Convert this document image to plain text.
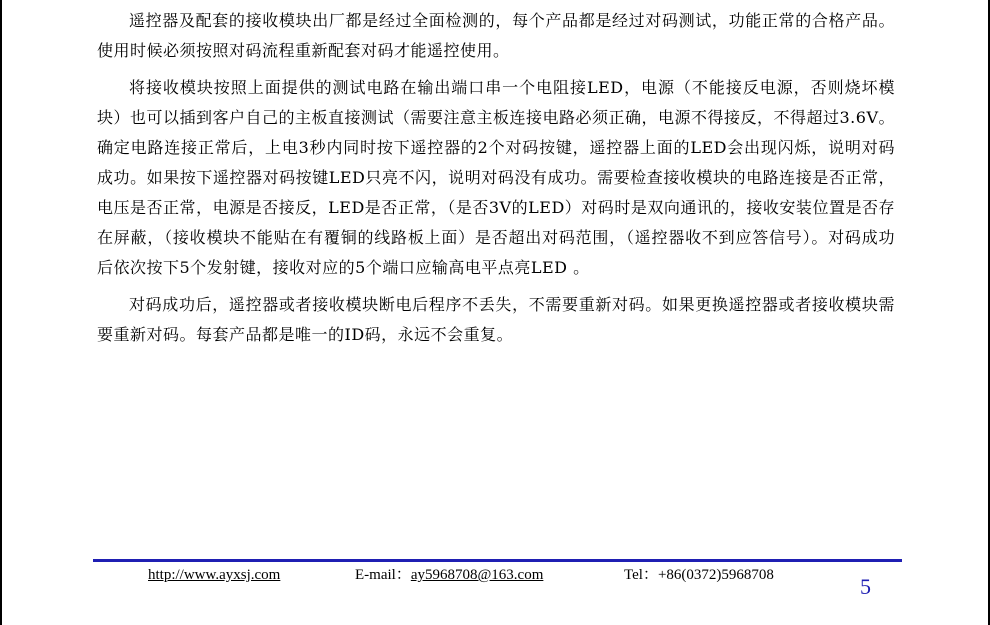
遥控器及配套的接收模块出厂都是经过全面检测的，每个产品都是经过对码测试，功能正常的合格产品。使用时候必须按照对码流程重新配套对码才能遥控使用。

将接收模块按照上面提供的测试电路在输出端口串一个电阻接LED，电源（不能接反电源，否则烧坏模块）也可以插到客户自己的主板直接测试（需要注意主板连接电路必须正确，电源不得接反，不得超过3.6V。确定电路连接正常后，上电3秒内同时按下遥控器的2个对码按键，遥控器上面的LED会出现闪烁，说明对码成功。如果按下遥控器对码按键LED只亮不闪，说明对码没有成功。需要检查接收模块的电路连接是否正常，电压是否正常，电源是否接反，LED是否正常，（是否3V的LED）对码时是双向通讯的，接收安装位置是否存在屏蔽，（接收模块不能贴在有覆铜的线路板上面）是否超出对码范围，（遥控器收不到应答信号）。对码成功后依次按下5个发射键，接收对应的5个端口应输高电平点亮LED 。

对码成功后，遥控器或者接收模块断电后程序不丢失，不需要重新对码。如果更换遥控器或者接收模块需要重新对码。每套产品都是唯一的ID码，永远不会重复。

http://www.ayxsj.com	E-mail：ay5968708@163.com	Tel：+86(0372)5968708	5
